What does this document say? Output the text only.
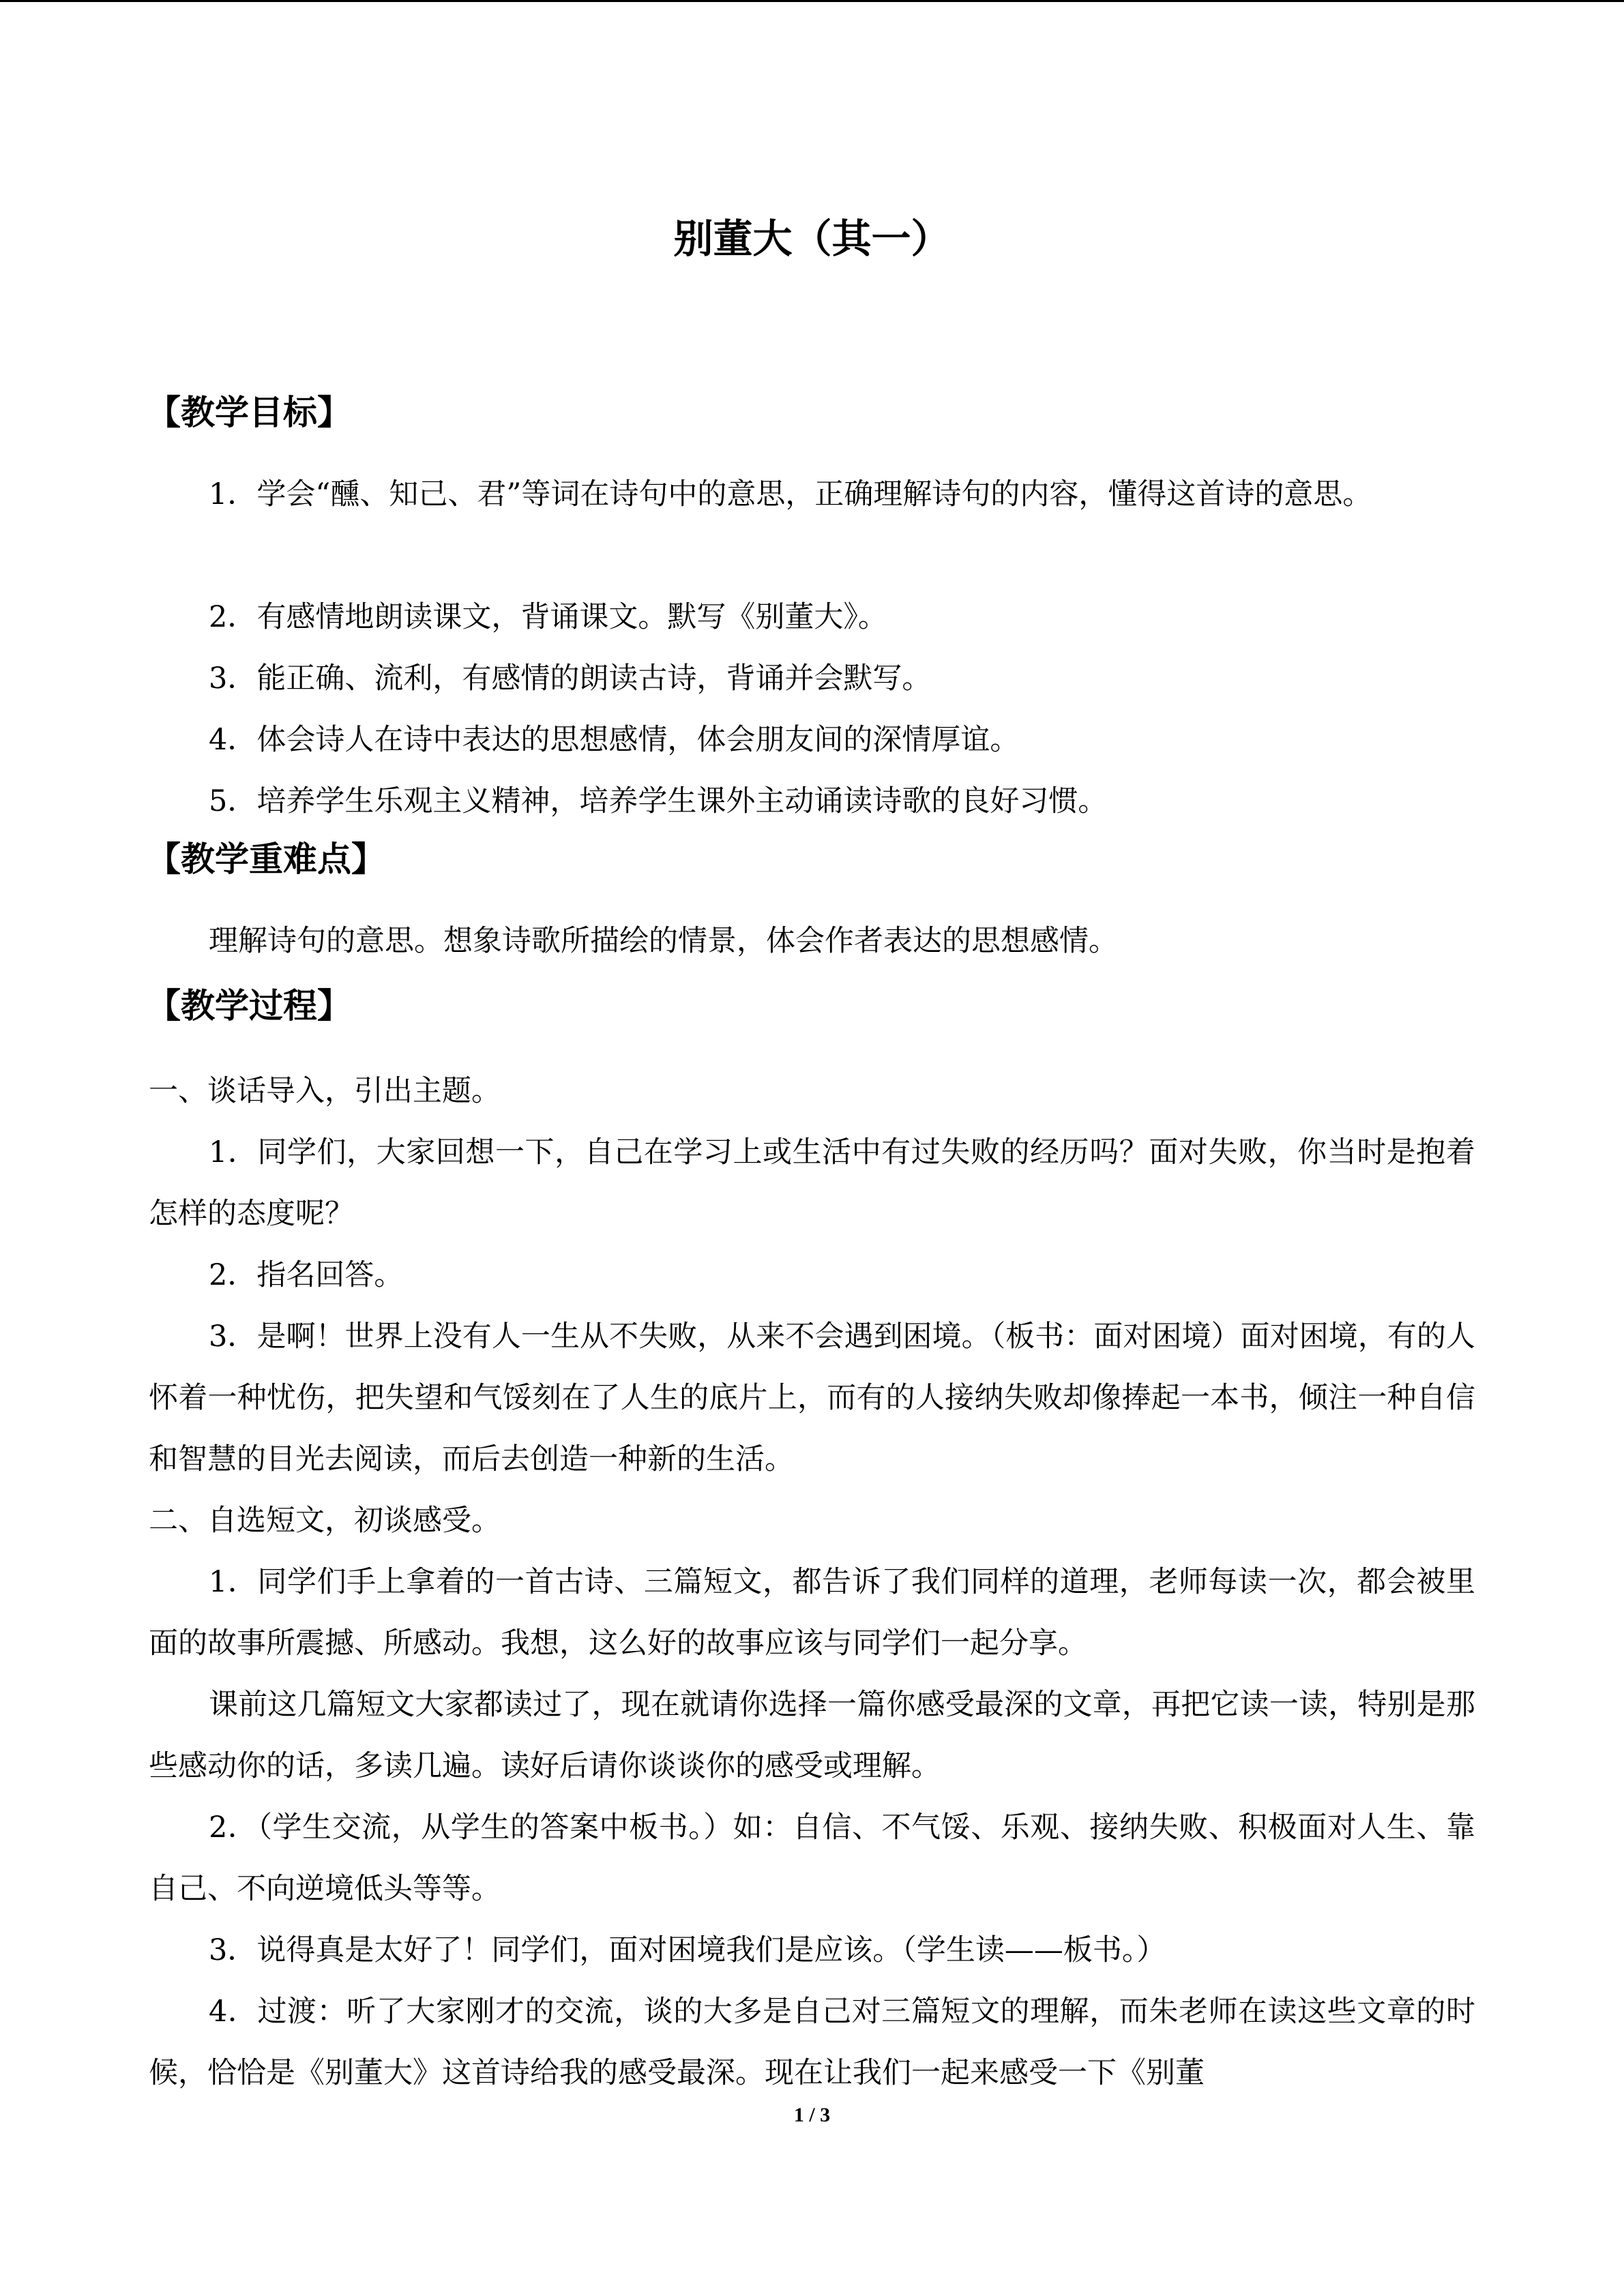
别董大（其一）
【教学目标】
1．学会“醺、知己、君”等词在诗句中的意思，正确理解诗句的内容，懂得这首诗的意思。
2．有感情地朗读课文，背诵课文。默写《别董大》。
3．能正确、流利，有感情的朗读古诗，背诵并会默写。
4．体会诗人在诗中表达的思想感情，体会朋友间的深情厚谊。
5．培养学生乐观主义精神，培养学生课外主动诵读诗歌的良好习惯。
【教学重难点】
理解诗句的意思。想象诗歌所描绘的情景，体会作者表达的思想感情。
【教学过程】
一、谈话导入，引出主题。
1．同学们，大家回想一下，自己在学习上或生活中有过失败的经历吗？面对失败，你当时是抱着怎样的态度呢？
2．指名回答。
3．是啊！世界上没有人一生从不失败，从来不会遇到困境。（板书：面对困境）面对困境，有的人怀着一种忧伤，把失望和气馁刻在了人生的底片上，而有的人接纳失败却像捧起一本书，倾注一种自信和智慧的目光去阅读，而后去创造一种新的生活。
二、自选短文，初谈感受。
1．同学们手上拿着的一首古诗、三篇短文，都告诉了我们同样的道理，老师每读一次，都会被里面的故事所震撼、所感动。我想，这么好的故事应该与同学们一起分享。
课前这几篇短文大家都读过了，现在就请你选择一篇你感受最深的文章，再把它读一读，特别是那些感动你的话，多读几遍。读好后请你谈谈你的感受或理解。
2．（学生交流，从学生的答案中板书。）如：自信、不气馁、乐观、接纳失败、积极面对人生、靠自己、不向逆境低头等等。
3．说得真是太好了！同学们，面对困境我们是应该。（学生读——板书。）
4．过渡：听了大家刚才的交流，谈的大多是自己对三篇短文的理解，而朱老师在读这些文章的时候，恰恰是《别董大》这首诗给我的感受最深。现在让我们一起来感受一下《别董
1 / 3
